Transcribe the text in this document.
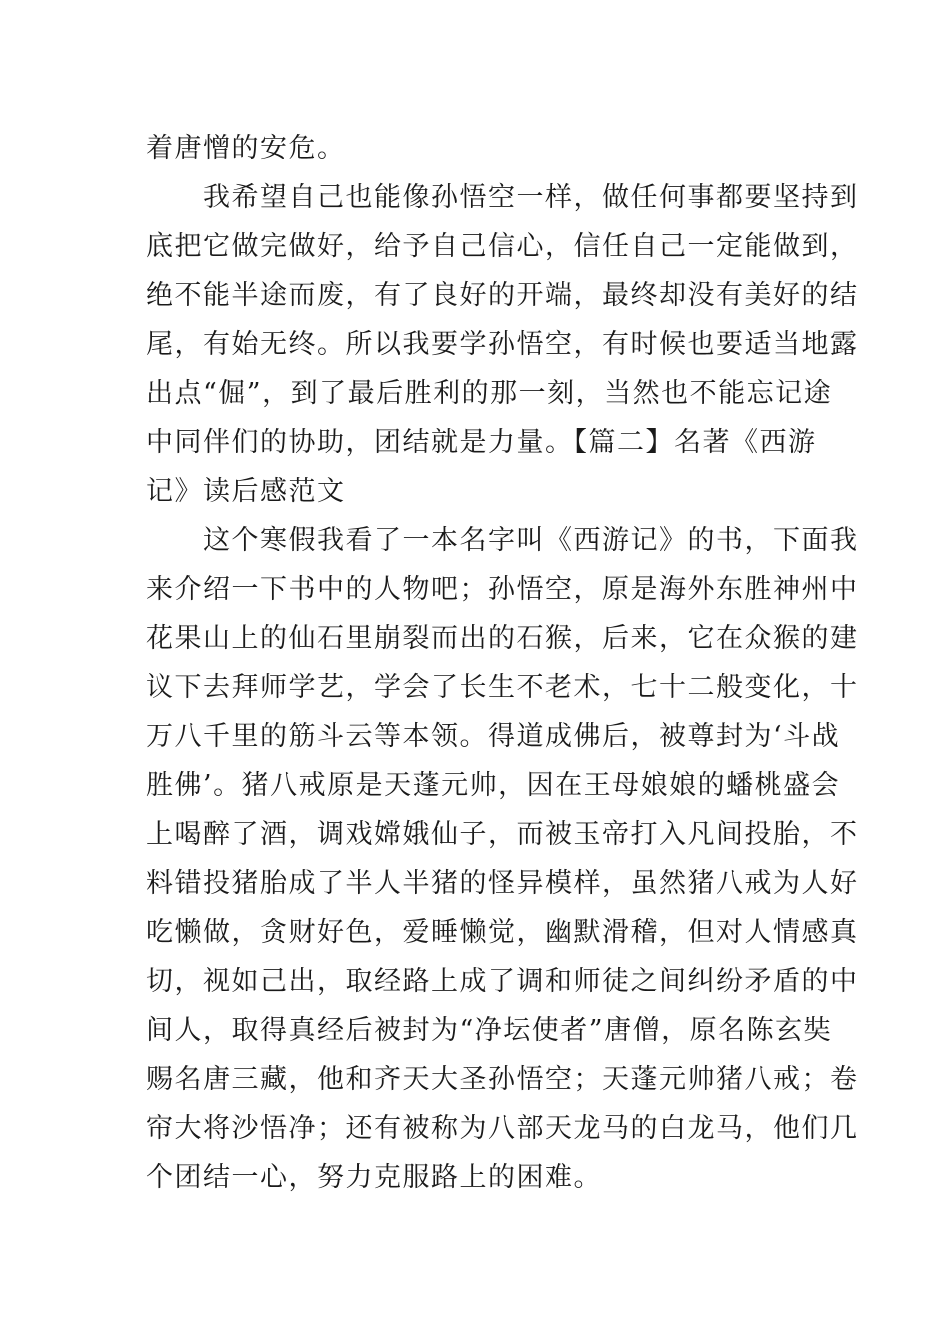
着唐憎的安危。
　　我希望自己也能像孙悟空一样，做任何事都要坚持到
底把它做完做好，给予自己信心，信任自己一定能做到，
绝不能半途而废，有了良好的开端，最终却没有美好的结
尾，有始无终。所以我要学孙悟空，有时候也要适当地露
出点“倔”，到了最后胜利的那一刻，当然也不能忘记途
中同伴们的协助，团结就是力量。【篇二】名著《西游
记》读后感范文
　　这个寒假我看了一本名字叫《西游记》的书，下面我
来介绍一下书中的人物吧；孙悟空，原是海外东胜神州中
花果山上的仙石里崩裂而出的石猴，后来，它在众猴的建
议下去拜师学艺，学会了长生不老术，七十二般变化，十
万八千里的筋斗云等本领。得道成佛后，被尊封为‘斗战
胜佛’。猪八戒原是天蓬元帅，因在王母娘娘的蟠桃盛会
上喝醉了酒，调戏嫦娥仙子，而被玉帝打入凡间投胎，不
料错投猪胎成了半人半猪的怪异模样，虽然猪八戒为人好
吃懒做，贪财好色，爱睡懒觉，幽默滑稽，但对人情感真
切，视如己出，取经路上成了调和师徒之间纠纷矛盾的中
间人，取得真经后被封为“净坛使者”唐僧，原名陈玄奘
赐名唐三藏，他和齐天大圣孙悟空；天蓬元帅猪八戒；卷
帘大将沙悟净；还有被称为八部天龙马的白龙马，他们几
个团结一心，努力克服路上的困难。
